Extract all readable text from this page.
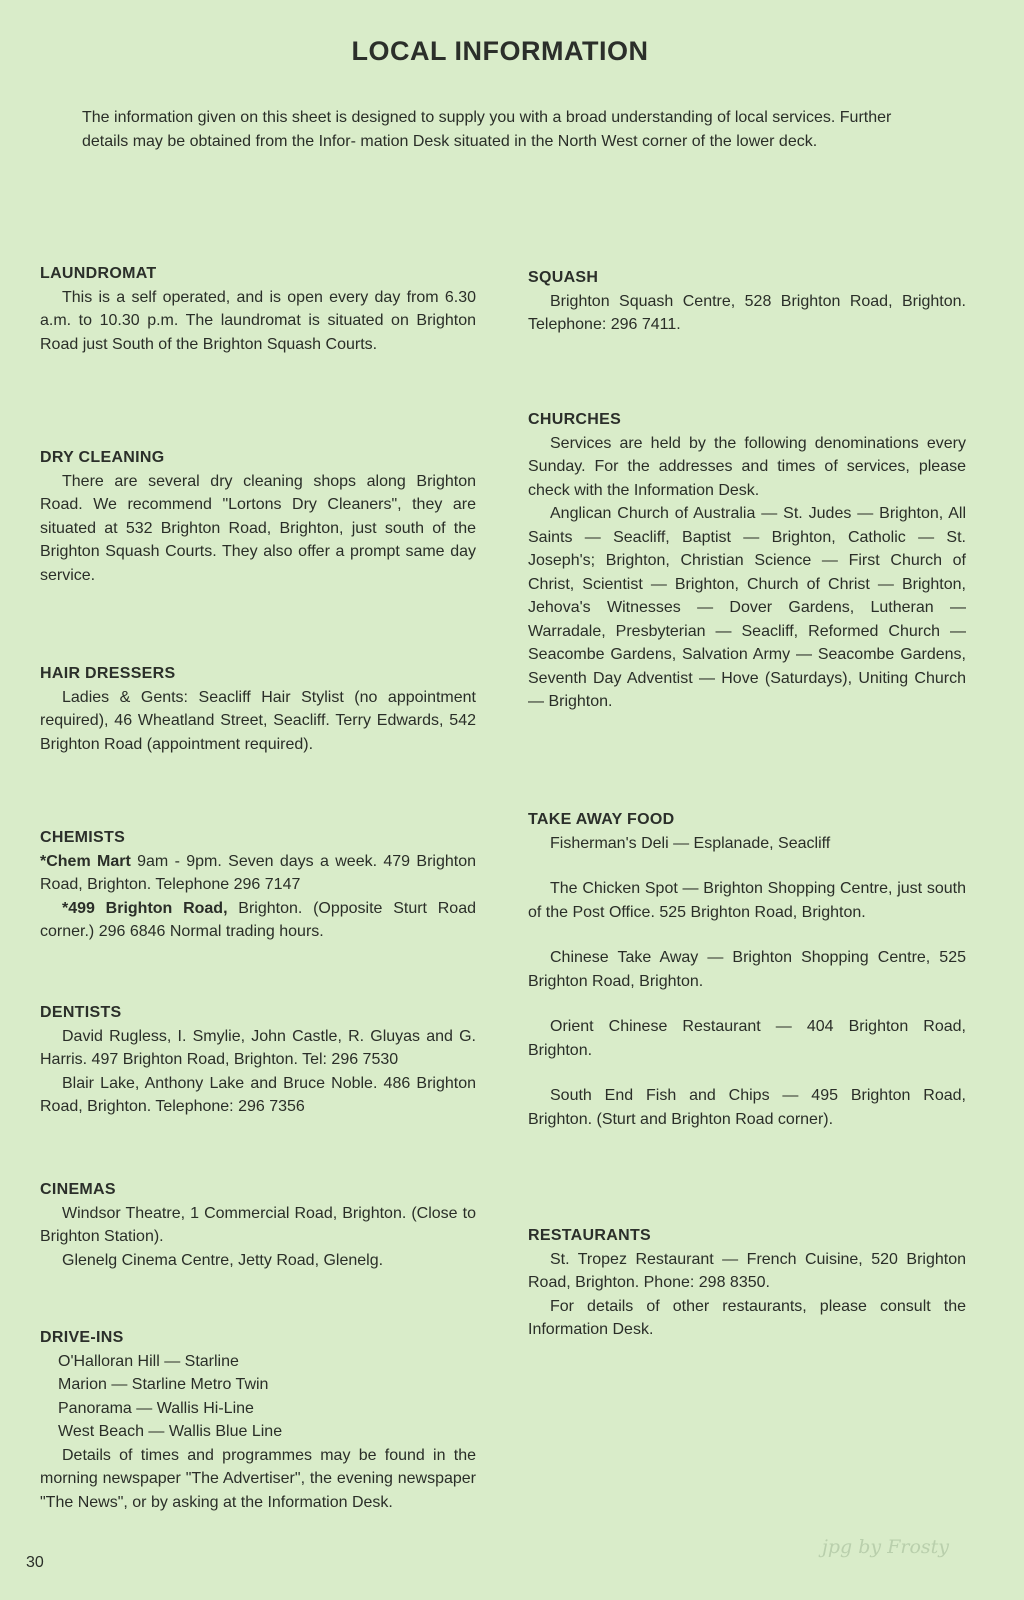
LOCAL INFORMATION
The information given on this sheet is designed to supply you with a broad understanding of local services. Further details may be obtained from the Infor- mation Desk situated in the North West corner of the lower deck.
LAUNDROMAT

This is a self operated, and is open every day from 6.30 a.m. to 10.30 p.m. The laundromat is situated on Brighton Road just South of the Brighton Squash Courts.

DRY CLEANING

There are several dry cleaning shops along Brighton Road. We recommend "Lortons Dry Cleaners", they are situated at 532 Brighton Road, Brighton, just south of the Brighton Squash Courts. They also offer a prompt same day service.

HAIR DRESSERS

Ladies & Gents: Seacliff Hair Stylist (no appointment required), 46 Wheatland Street, Seacliff. Terry Edwards, 542 Brighton Road (appointment required).

CHEMISTS

*Chem Mart 9am - 9pm. Seven days a week. 479 Brighton Road, Brighton. Telephone 296 7147

*499 Brighton Road, Brighton. (Opposite Sturt Road corner.) 296 6846 Normal trading hours.

DENTISTS

David Rugless, I. Smylie, John Castle, R. Gluyas and G. Harris. 497 Brighton Road, Brighton. Tel: 296 7530

Blair Lake, Anthony Lake and Bruce Noble. 486 Brighton Road, Brighton. Telephone: 296 7356

CINEMAS

Windsor Theatre, 1 Commercial Road, Brighton. (Close to Brighton Station).

Glenelg Cinema Centre, Jetty Road, Glenelg.

DRIVE-INS
O'Halloran Hill — Starline
Marion — Starline Metro Twin
Panorama — Wallis Hi-Line
West Beach — Wallis Blue Line

Details of times and programmes may be found in the morning newspaper "The Advertiser", the evening newspaper "The News", or by asking at the Information Desk.

SQUASH

Brighton Squash Centre, 528 Brighton Road, Brighton. Telephone: 296 7411.

CHURCHES

Services are held by the following denominations every Sunday. For the addresses and times of services, please check with the Information Desk.

Anglican Church of Australia — St. Judes — Brighton, All Saints — Seacliff, Baptist — Brighton, Catholic — St. Joseph's; Brighton, Christian Science — First Church of Christ, Scientist — Brighton, Church of Christ — Brighton, Jehova's Witnesses — Dover Gardens, Lutheran — Warradale, Presbyterian — Seacliff, Reformed Church — Seacombe Gardens, Salvation Army — Seacombe Gardens, Seventh Day Adventist — Hove (Saturdays), Uniting Church — Brighton.

TAKE AWAY FOOD

Fisherman's Deli — Esplanade, Seacliff

The Chicken Spot — Brighton Shopping Centre, just south of the Post Office. 525 Brighton Road, Brighton.

Chinese Take Away — Brighton Shopping Centre, 525 Brighton Road, Brighton.

Orient Chinese Restaurant — 404 Brighton Road, Brighton.

South End Fish and Chips — 495 Brighton Road, Brighton. (Sturt and Brighton Road corner).

RESTAURANTS

St. Tropez Restaurant — French Cuisine, 520 Brighton Road, Brighton. Phone: 298 8350.

For details of other restaurants, please consult the Information Desk.

30
jpg by Frosty
